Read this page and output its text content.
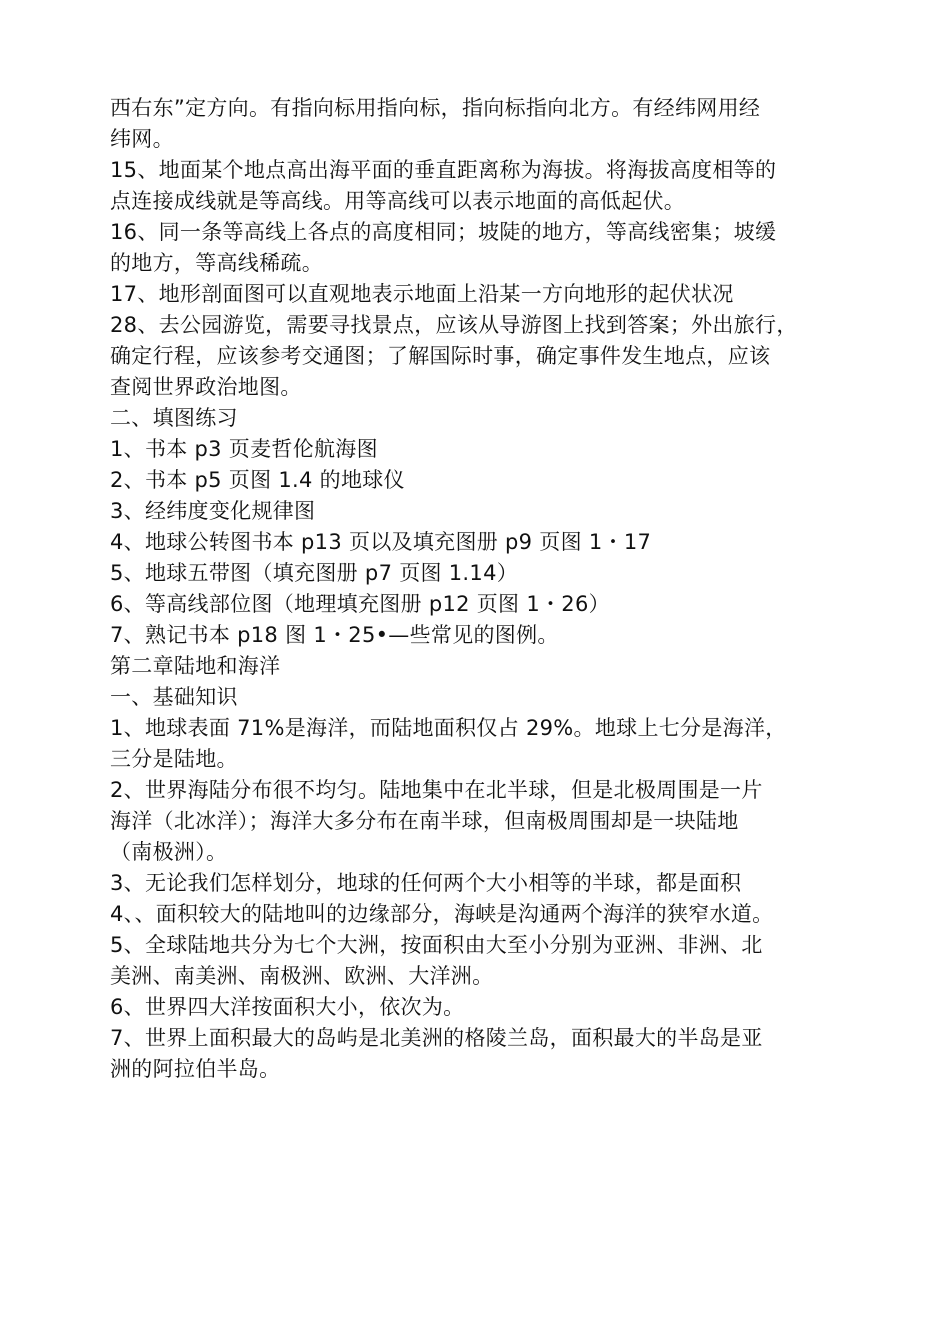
西右东”定方向。有指向标用指向标，指向标指向北方。有经纬网用经
纬网。
15、地面某个地点高出海平面的垂直距离称为海拔。将海拔高度相等的
点连接成线就是等高线。用等高线可以表示地面的高低起伏。
16、同一条等高线上各点的高度相同；坡陡的地方，等高线密集；坡缓
的地方，等高线稀疏。
17、地形剖面图可以直观地表示地面上沿某一方向地形的起伏状况
28、去公园游览，需要寻找景点，应该从导游图上找到答案；外出旅行，
确定行程，应该参考交通图；了解国际时事，确定事件发生地点，应该
查阅世界政治地图。
二、填图练习
1、书本 p3 页麦哲伦航海图
2、书本 p5 页图 1.4 的地球仪
3、经纬度变化规律图
4、地球公转图书本 p13 页以及填充图册 p9 页图 1・17
5、地球五带图（填充图册 p7 页图 1.14）
6、等高线部位图（地理填充图册 p12 页图 1・26）
7、熟记书本 p18 图 1・25•—些常见的图例。
第二章陆地和海洋
一、基础知识
1、地球表面 71%是海洋，而陆地面积仅占 29%。地球上七分是海洋，
三分是陆地。
2、世界海陆分布很不均匀。陆地集中在北半球，但是北极周围是一片
海洋（北冰洋）；海洋大多分布在南半球，但南极周围却是一块陆地
（南极洲）。
3、无论我们怎样划分，地球的任何两个大小相等的半球，都是面积
4、、面积较大的陆地叫的边缘部分，海峡是沟通两个海洋的狭窄水道。
5、全球陆地共分为七个大洲，按面积由大至小分别为亚洲、非洲、北
美洲、南美洲、南极洲、欧洲、大洋洲。
6、世界四大洋按面积大小，依次为。
7、世界上面积最大的岛屿是北美洲的格陵兰岛，面积最大的半岛是亚
洲的阿拉伯半岛。
